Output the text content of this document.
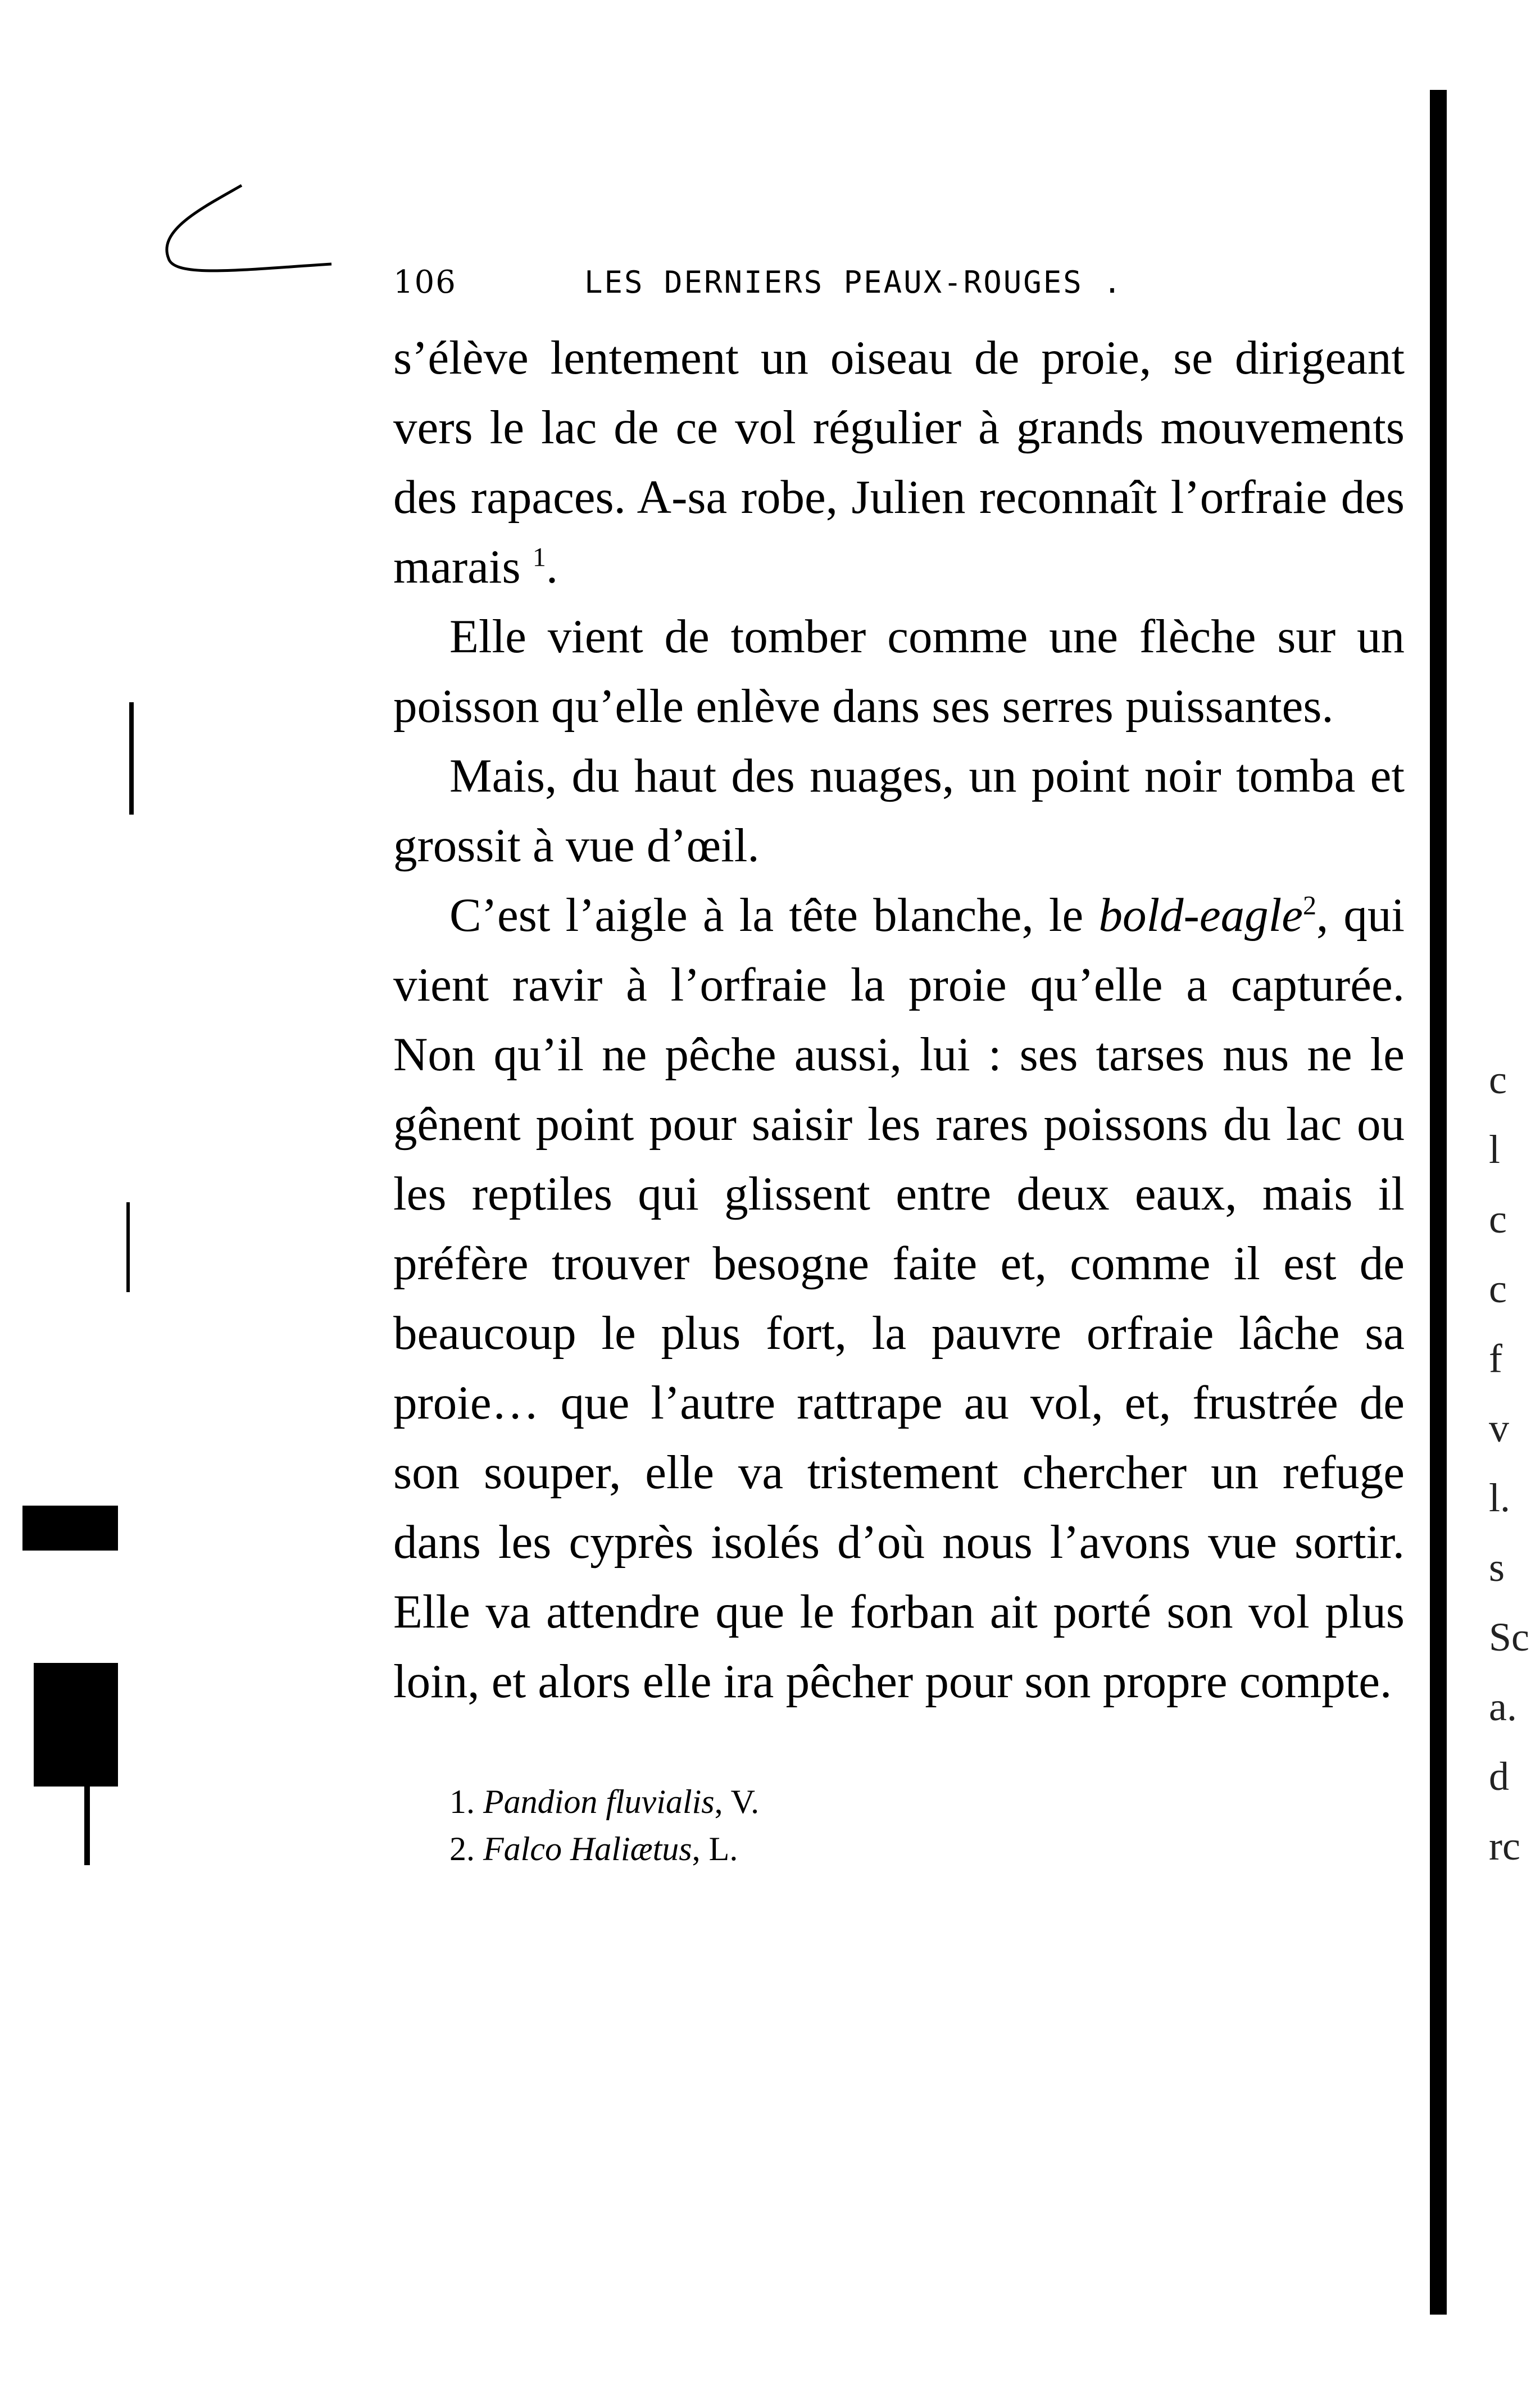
106	LES DERNIERS PEAUX-ROUGES .

s’élève lentement un oiseau de proie, se dirigeant vers le lac de ce vol régulier à grands mouvements des rapaces. A-sa robe, Julien reconnaît l’orfraie des marais $^1$.

Elle vient de tomber comme une flèche sur un poisson qu’elle enlève dans ses serres puissantes.

Mais, du haut des nuages, un point noir tomba et grossit à vue d’œil.

C’est l’aigle à la tête blanche, le bold-eagle$^2$, qui vient ravir à l’orfraie la proie qu’elle a capturée. Non qu’il ne pêche aussi, lui : ses tarses nus ne le gênent point pour saisir les rares poissons du lac ou les reptiles qui glissent entre deux eaux, mais il préfère trouver besogne faite et, comme il est de beaucoup le plus fort, la pauvre orfraie lâche sa proie… que l’autre rattrape au vol, et, frustrée de son souper, elle va tristement chercher un refuge dans les cyprès isolés d’où nous l’avons vue sortir. Elle va attendre que le forban ait porté son vol plus loin, et alors elle ira pêcher pour son propre compte.

1. Pandion fluvialis, V.
2. Falco Haliætus, L.
c
l
c
c
f
v
l.
s
Sc
a.
d
rc
